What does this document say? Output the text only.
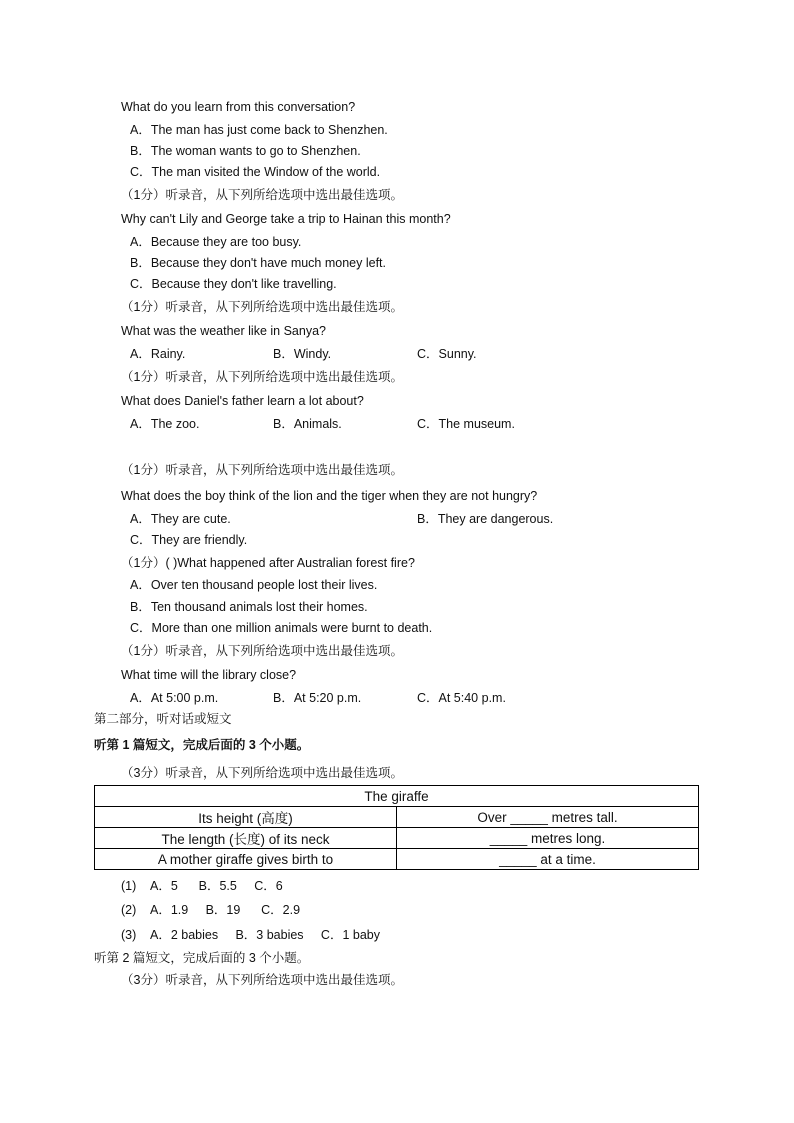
What do you learn from this conversation?
A．The man has just come back to Shenzhen.
B．The woman wants to go to Shenzhen.
C．The man visited the Window of the world.
（1分）听录音，从下列所给选项中选出最佳选项。
Why can't Lily and George take a trip to Hainan this month?
A．Because they are too busy.
B．Because they don't have much money left.
C．Because they don't like travelling.
（1分）听录音，从下列所给选项中选出最佳选项。
What was the weather like in Sanya?
A．Rainy.	B．Windy.	C．Sunny.
（1分）听录音，从下列所给选项中选出最佳选项。
What does Daniel's father learn a lot about?
A．The zoo.	B．Animals.	C．The museum.
（1分）听录音，从下列所给选项中选出最佳选项。
What does the boy think of the lion and the tiger when they are not hungry?
A．They are cute.	B．They are dangerous.
C．They are friendly.
（1分）( )What happened after Australian forest fire?
A．Over ten thousand people lost their lives.
B．Ten thousand animals lost their homes.
C．More than one million animals were burnt to death.
（1分）听录音，从下列所给选项中选出最佳选项。
What time will the library close?
A．At 5:00 p.m.	B．At 5:20 p.m.	C．At 5:40 p.m.
第二部分，听对话或短文
听第 1 篇短文，完成后面的 3 个小题。
（3分）听录音，从下列所给选项中选出最佳选项。
The giraffe	
Its height (高度)	Over _____ metres tall.
The length (长度) of its neck	_____ metres long.
A mother giraffe gives birth to	_____ at a time.
(1) A．5      B．5.5     C．6
(2) A．1.9     B．19      C．2.9
(3) A．2 babies     B．3 babies     C．1 baby
听第 2 篇短文，完成后面的 3 个小题。
（3分）听录音，从下列所给选项中选出最佳选项。
